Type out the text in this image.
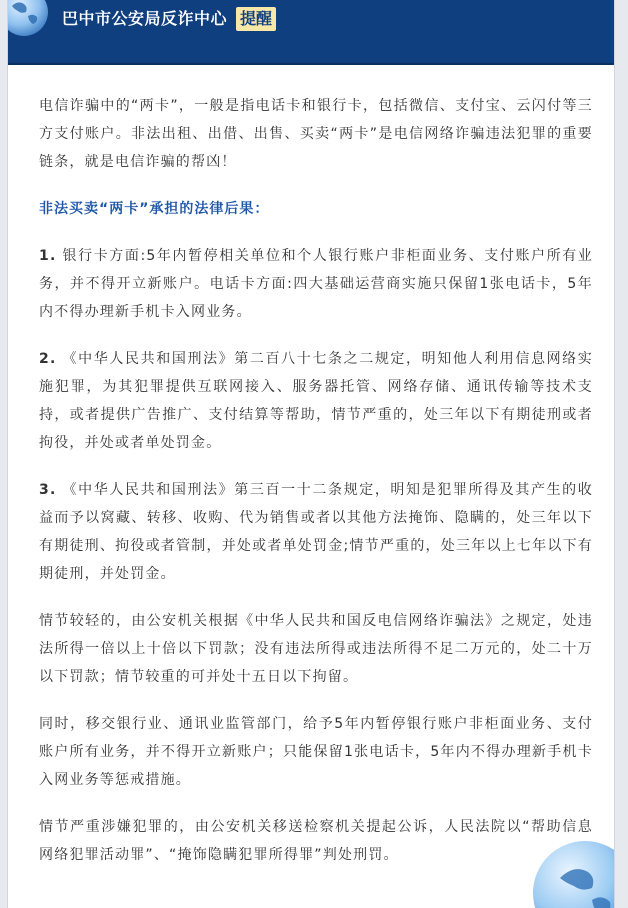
巴中市公安局反诈中心 提醒

电信诈骗中的“两卡”，一般是指电话卡和银行卡，包括微信、支付宝、云闪付等三方支付账户。非法出租、出借、出售、买卖“两卡”是电信网络诈骗违法犯罪的重要链条，就是电信诈骗的帮凶！

非法买卖“两卡”承担的法律后果：

1. 银行卡方面:5年内暂停相关单位和个人银行账户非柜面业务、支付账户所有业务，并不得开立新账户。电话卡方面:四大基础运营商实施只保留1张电话卡，5年内不得办理新手机卡入网业务。

2. 《中华人民共和国刑法》第二百八十七条之二规定，明知他人利用信息网络实施犯罪，为其犯罪提供互联网接入、服务器托管、网络存储、通讯传输等技术支持，或者提供广告推广、支付结算等帮助，情节严重的，处三年以下有期徒刑或者拘役，并处或者单处罚金。

3. 《中华人民共和国刑法》第三百一十二条规定，明知是犯罪所得及其产生的收益而予以窝藏、转移、收购、代为销售或者以其他方法掩饰、隐瞒的，处三年以下有期徒刑、拘役或者管制，并处或者单处罚金;情节严重的，处三年以上七年以下有期徒刑，并处罚金。

情节较轻的，由公安机关根据《中华人民共和国反电信网络诈骗法》之规定，处违法所得一倍以上十倍以下罚款；没有违法所得或违法所得不足二万元的，处二十万以下罚款；情节较重的可并处十五日以下拘留。

同时，移交银行业、通讯业监管部门，给予5年内暂停银行账户非柜面业务、支付账户所有业务，并不得开立新账户；只能保留1张电话卡，5年内不得办理新手机卡入网业务等惩戒措施。

情节严重涉嫌犯罪的，由公安机关移送检察机关提起公诉，人民法院以“帮助信息网络犯罪活动罪”、“掩饰隐瞒犯罪所得罪”判处刑罚。
